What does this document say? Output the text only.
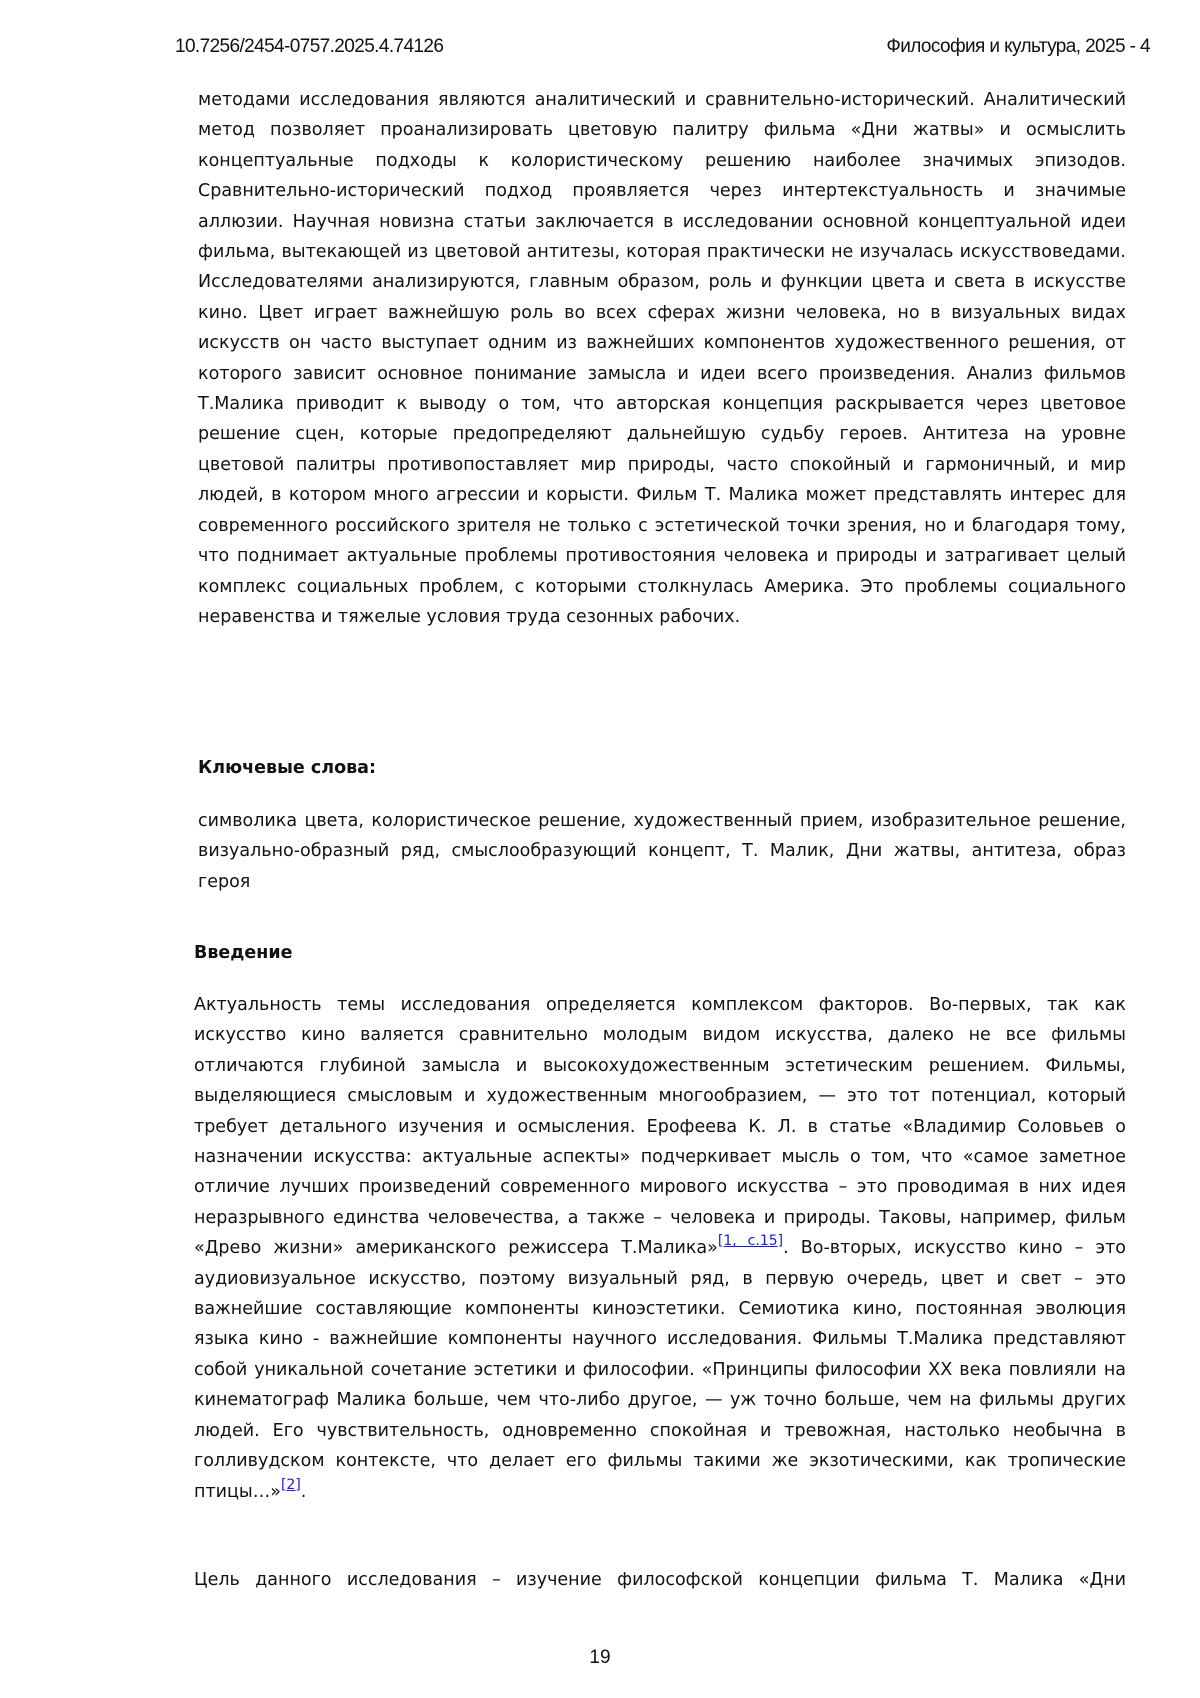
10.7256/2454-0757.2025.4.74126	Философия и культура, 2025 - 4

методами исследования являются аналитический и сравнительно-исторический. Аналитический метод позволяет проанализировать цветовую палитру фильма «Дни жатвы» и осмыслить концептуальные подходы к колористическому решению наиболее значимых эпизодов. Сравнительно-исторический подход проявляется через интертекстуальность и значимые аллюзии. Научная новизна статьи заключается в исследовании основной концептуальной идеи фильма, вытекающей из цветовой антитезы, которая практически не изучалась искусствоведами. Исследователями анализируются, главным образом, роль и функции цвета и света в искусстве кино. Цвет играет важнейшую роль во всех сферах жизни человека, но в визуальных видах искусств он часто выступает одним из важнейших компонентов художественного решения, от которого зависит основное понимание замысла и идеи всего произведения. Анализ фильмов Т.Малика приводит к выводу о том, что авторская концепция раскрывается через цветовое решение сцен, которые предопределяют дальнейшую судьбу героев. Антитеза на уровне цветовой палитры противопоставляет мир природы, часто спокойный и гармоничный, и мир людей, в котором много агрессии и корысти. Фильм Т. Малика может представлять интерес для современного российского зрителя не только с эстетической точки зрения, но и благодаря тому, что поднимает актуальные проблемы противостояния человека и природы и затрагивает целый комплекс социальных проблем, с которыми столкнулась Америка. Это проблемы социального неравенства и тяжелые условия труда сезонных рабочих.

Ключевые слова:

символика цвета, колористическое решение, художественный прием, изобразительное решение, визуально-образный ряд, смыслообразующий концепт, Т. Малик, Дни жатвы, антитеза, образ героя

Введение

Актуальность темы исследования определяется комплексом факторов. Во-первых, так как искусство кино валяется сравнительно молодым видом искусства, далеко не все фильмы отличаются глубиной замысла и высокохудожественным эстетическим решением. Фильмы, выделяющиеся смысловым и художественным многообразием, — это тот потенциал, который требует детального изучения и осмысления. Ерофеева К. Л. в статье «Владимир Соловьев о назначении искусства: актуальные аспекты» подчеркивает мысль о том, что «самое заметное отличие лучших произведений современного мирового искусства – это проводимая в них идея неразрывного единства человечества, а также – человека и природы. Таковы, например, фильм «Древо жизни» американского режиссера Т.Малика»[1, с.15]. Во-вторых, искусство кино – это аудиовизуальное искусство, поэтому визуальный ряд, в первую очередь, цвет и свет – это важнейшие составляющие компоненты киноэстетики. Семиотика кино, постоянная эволюция языка кино - важнейшие компоненты научного исследования. Фильмы Т.Малика представляют собой уникальной сочетание эстетики и философии. «Принципы философии XX века повлияли на кинематограф Малика больше, чем что-либо другое, — уж точно больше, чем на фильмы других людей. Его чувствительность, одновременно спокойная и тревожная, настолько необычна в голливудском контексте, что делает его фильмы такими же экзотическими, как тропические птицы…»[2].

Цель данного исследования – изучение философской концепции фильма Т. Малика «Дни

19
